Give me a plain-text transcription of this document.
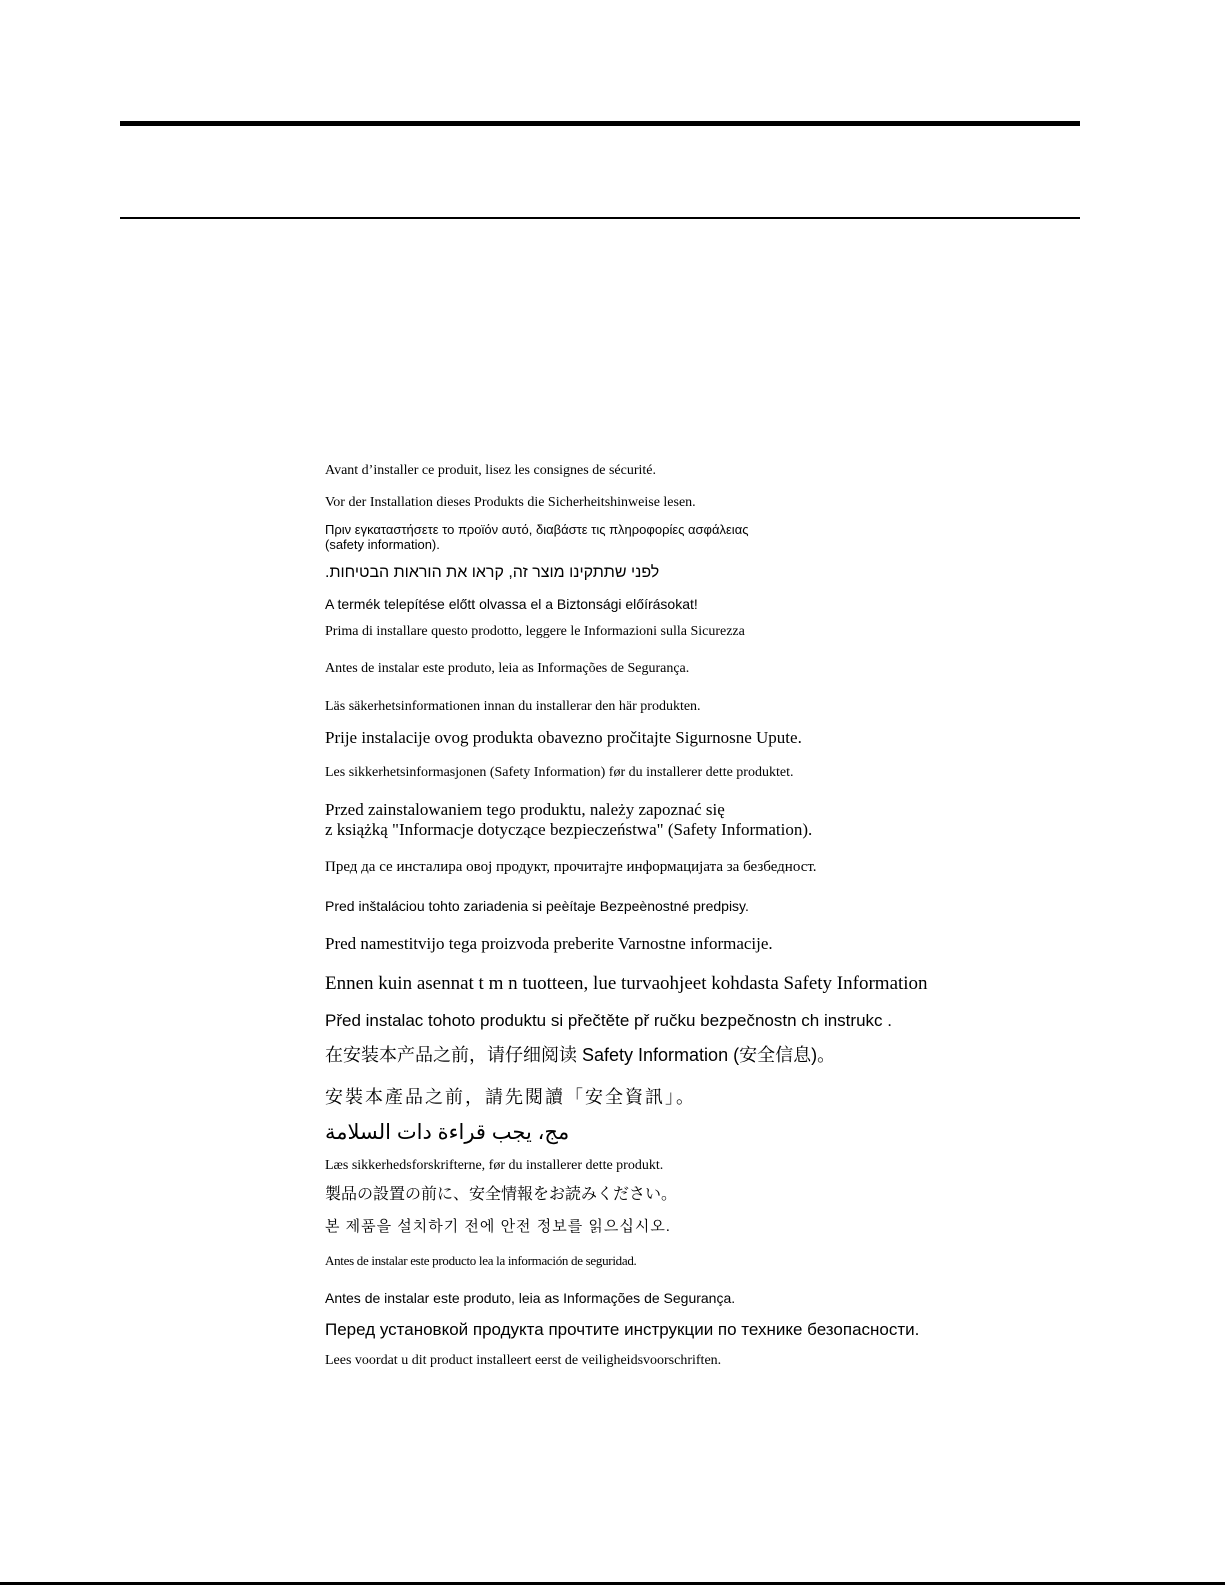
Avant d’installer ce produit, lisez les consignes de sécurité.
Vor der Installation dieses Produkts die Sicherheitshinweise lesen.
Πριν εγκαταστήσετε το προϊόν αυτό, διαβάστε τις πληροφορίες ασφάλειας
(safety information).
לפני שתתקינו מוצר זה, קראו את הוראות הבטיחות.
A termék telepítése előtt olvassa el a Biztonsági előírásokat!
Prima di installare questo prodotto, leggere le Informazioni sulla Sicurezza
Antes de instalar este produto, leia as Informações de Segurança.
Läs säkerhetsinformationen innan du installerar den här produkten.
Prije instalacije ovog produkta obavezno pročitajte Sigurnosne Upute.
Les sikkerhetsinformasjonen (Safety Information) før du installerer dette produktet.
Przed zainstalowaniem tego produktu, należy zapoznać się
z książką "Informacje dotyczące bezpieczeństwa" (Safety Information).
Пред да се инсталира овој продукт, прочитајте информацијата за безбедност.
Pred inštaláciou tohto zariadenia si peèítaje Bezpeènostné predpisy.
Pred namestitvijo tega proizvoda preberite Varnostne informacije.
Ennen kuin asennat t m n tuotteen, lue turvaohjeet kohdasta Safety Information
Před instalac tohoto produktu si přečtěte př ručku bezpečnostn ch instrukc .
在安装本产品之前，请仔细阅读 Safety Information (安全信息)。
安裝本產品之前，請先閱讀「安全資訊」。
مج، يجب قراءة دات السلامة
Læs sikkerhedsforskrifterne, før du installerer dette produkt.
製品の設置の前に、安全情報をお読みください。
본 제품을 설치하기 전에 안전 정보를 읽으십시오.
Antes de instalar este producto lea la información de seguridad.
Antes de instalar este produto, leia as Informações de Segurança.
Перед установкой продукта прочтите инструкции по технике безопасности.
Lees voordat u dit product installeert eerst de veiligheidsvoorschriften.
